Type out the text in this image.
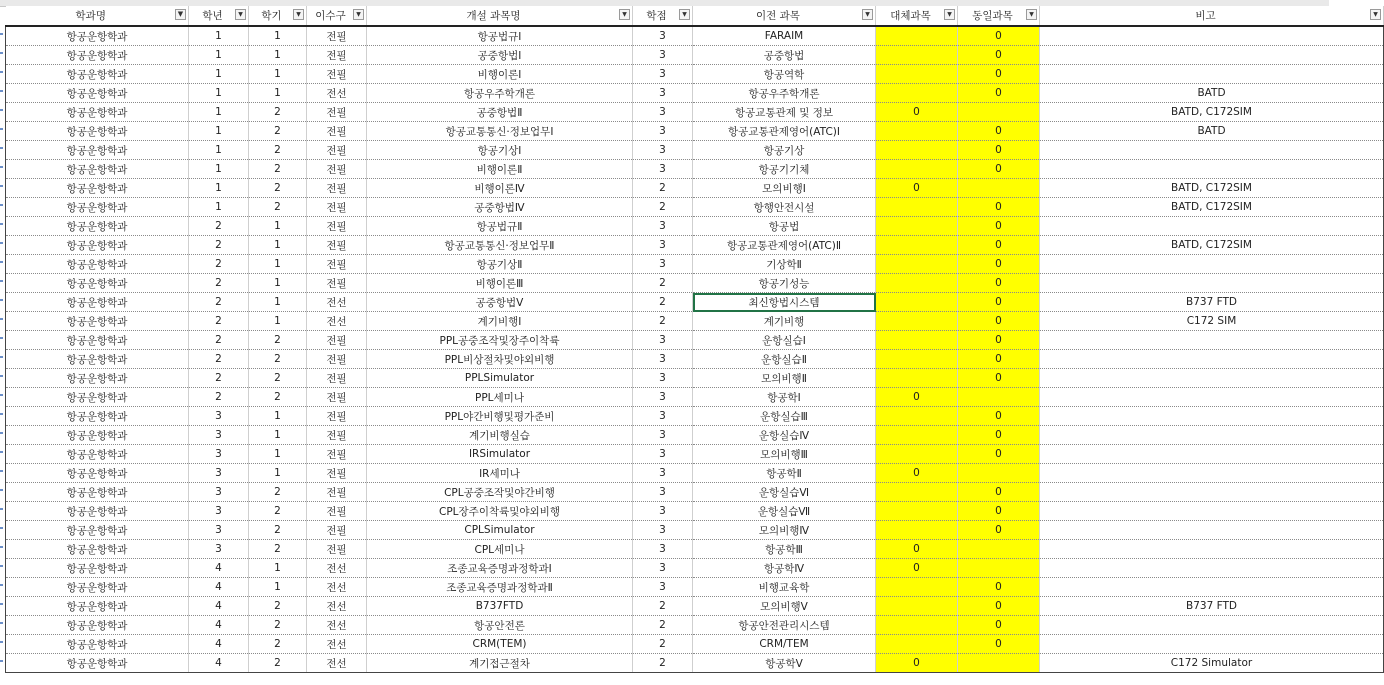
학과명 ▼	학년 ▼	학기 ▼	이수구 ▼	개설 과목명 ▼	학점 ▼	이전 과목 ▼	대체과목 ▼	동일과목 ▼	비고 ▼

항공운항학과	1	1	전필	항공법규Ⅰ	3	FARAIM		0	
항공운항학과	1	1	전필	공중항법Ⅰ	3	공중항법		0	
항공운항학과	1	1	전필	비행이론Ⅰ	3	항공역학		0	
항공운항학과	1	1	전선	항공우주학개론	3	항공우주학개론		0	BATD
항공운항학과	1	2	전필	공중항법Ⅱ	3	항공교통관제 및 정보	0		BATD, C172SIM
항공운항학과	1	2	전필	항공교통통신·정보업무Ⅰ	3	항공교통관제영어(ATC)Ⅰ		0	BATD
항공운항학과	1	2	전필	항공기상Ⅰ	3	항공기상		0	
항공운항학과	1	2	전필	비행이론Ⅱ	3	항공기기체		0	
항공운항학과	1	2	전필	비행이론Ⅳ	2	모의비행Ⅰ	0		BATD, C172SIM
항공운항학과	1	2	전필	공중항법Ⅳ	2	항행안전시설		0	BATD, C172SIM
항공운항학과	2	1	전필	항공법규Ⅱ	3	항공법		0	
항공운항학과	2	1	전필	항공교통통신·정보업무Ⅱ	3	항공교통관제영어(ATC)Ⅱ		0	BATD, C172SIM
항공운항학과	2	1	전필	항공기상Ⅱ	3	기상학Ⅱ		0	
항공운항학과	2	1	전필	비행이론Ⅲ	2	항공기성능		0	
항공운항학과	2	1	전선	공중항법Ⅴ	2	최신항법시스템		0	B737 FTD
항공운항학과	2	1	전선	계기비행Ⅰ	2	계기비행		0	C172 SIM
항공운항학과	2	2	전필	PPL공중조작및장주이착륙	3	운항실습Ⅰ		0	
항공운항학과	2	2	전필	PPL비상절차및야외비행	3	운항실습Ⅱ		0	
항공운항학과	2	2	전필	PPLSimulator	3	모의비행Ⅱ		0	
항공운항학과	2	2	전필	PPL세미나	3	항공학Ⅰ	0		
항공운항학과	3	1	전필	PPL야간비행및평가준비	3	운항실습Ⅲ		0	
항공운항학과	3	1	전필	계기비행실습	3	운항실습Ⅳ		0	
항공운항학과	3	1	전필	IRSimulator	3	모의비행Ⅲ		0	
항공운항학과	3	1	전필	IR세미나	3	항공학Ⅱ	0		
항공운항학과	3	2	전필	CPL공중조작및야간비행	3	운항실습Ⅵ		0	
항공운항학과	3	2	전필	CPL장주이착륙및야외비행	3	운항실습Ⅶ		0	
항공운항학과	3	2	전필	CPLSimulator	3	모의비행Ⅳ		0	
항공운항학과	3	2	전필	CPL세미나	3	항공학Ⅲ	0		
항공운항학과	4	1	전선	조종교육증명과정학과Ⅰ	3	항공학Ⅳ	0		
항공운항학과	4	1	전선	조종교육증명과정학과Ⅱ	3	비행교육학		0	
항공운항학과	4	2	전선	B737FTD	2	모의비행Ⅴ		0	B737 FTD
항공운항학과	4	2	전선	항공안전론	2	항공안전관리시스템		0	
항공운항학과	4	2	전선	CRM(TEM)	2	CRM/TEM		0	
항공운항학과	4	2	전선	계기접근절차	2	항공학Ⅴ	0		C172 Simulator
